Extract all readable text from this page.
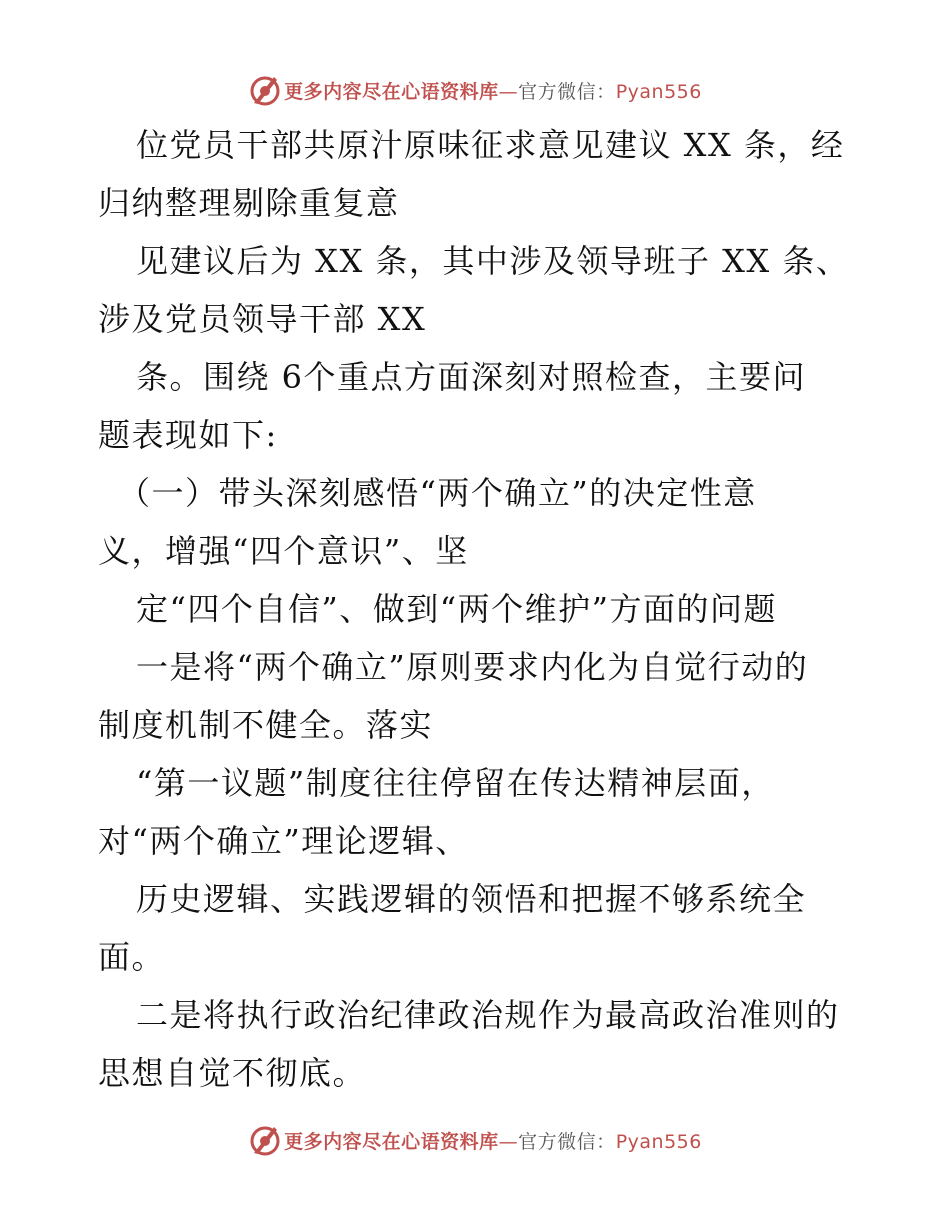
更多内容尽在心语资料库—官方微信：Pyan556
位党员干部共原汁原味征求意见建议 XX 条，经
归纳整理剔除重复意
见建议后为 XX 条，其中涉及领导班子 XX 条、
涉及党员领导干部 XX
条。围绕 6个重点方面深刻对照检查，主要问
题表现如下:
（一）带头深刻感悟“两个确立”的决定性意
义，增强“四个意识”、坚
定“四个自信”、做到“两个维护”方面的问题
一是将“两个确立”原则要求内化为自觉行动的
制度机制不健全。落实
“第一议题”制度往往停留在传达精神层面，
对“两个确立”理论逻辑、
历史逻辑、实践逻辑的领悟和把握不够系统全
面。
二是将执行政治纪律政治规作为最高政治准则的
思想自觉不彻底。
更多内容尽在心语资料库—官方微信：Pyan556
